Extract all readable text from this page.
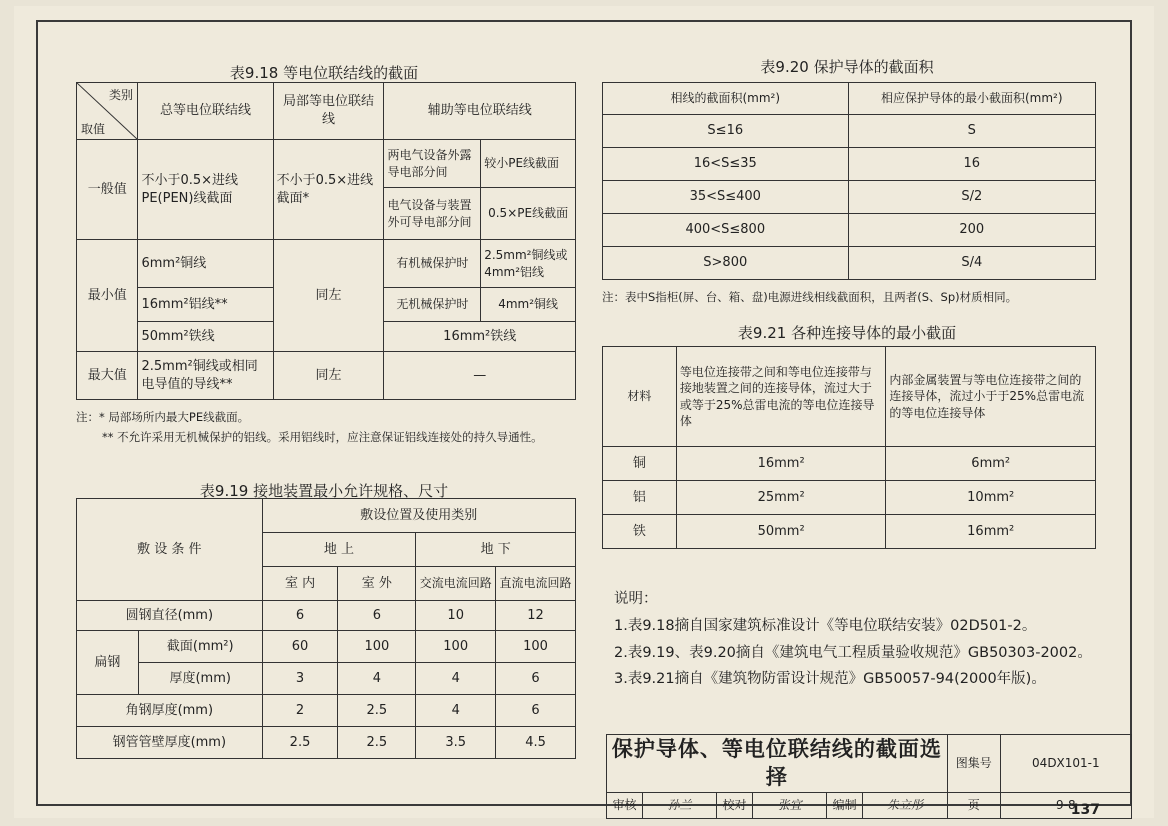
表9.18 等电位联结线的截面
类别
取值	总等电位联结线	局部等电位联结线	辅助等电位联结线	
一般值	不小于0.5×进线PE(PEN)线截面	不小于0.5×进线截面*	两电气设备外露导电部分间	较小PE线截面
			电气设备与装置外可导电部分间	0.5×PE线截面
最小值	6mm²铜线	同左	有机械保护时	2.5mm²铜线或4mm²铝线
	16mm²铝线**		无机械保护时	4mm²铜线
	50mm²铁线		16mm²铁线	
最大值	2.5mm²铜线或相同电导值的导线**	同左	—	
注：* 局部场所内最大PE线截面。
** 不允许采用无机械保护的铝线。采用铝线时，应注意保证铝线连接处的持久导通性。
表9.19 接地装置最小允许规格、尺寸
敷 设 条 件		敷设位置及使用类别			
		地 上		地 下	
		室 内	室 外	交流电流回路	直流电流回路
圆钢直径(mm)		6	6	10	12
扁钢	截面(mm²)	60	100	100	100
	厚度(mm)	3	4	4	6
角钢厚度(mm)		2	2.5	4	6
钢管管壁厚度(mm)		2.5	2.5	3.5	4.5
表9.20 保护导体的截面积
相线的截面积(mm²)	相应保护导体的最小截面积(mm²)
S≤16	S
16<S≤35	16
35<S≤400	S/2
400<S≤800	200
S>800	S/4
注：表中S指柜(屏、台、箱、盘)电源进线相线截面积，且两者(S、Sp)材质相同。
表9.21 各种连接导体的最小截面
材料	等电位连接带之间和等电位连接带与接地装置之间的连接导体，流过大于或等于25%总雷电流的等电位连接导体	内部金属装置与等电位连接带之间的连接导体，流过小于于25%总雷电流的等电位连接导体
铜	16mm²	6mm²
铝	25mm²	10mm²
铁	50mm²	16mm²
说明：
1.表9.18摘自国家建筑标准设计《等电位联结安装》02D501-2。
2.表9.19、表9.20摘自《建筑电气工程质量验收规范》GB50303-2002。
3.表9.21摘自《建筑物防雷设计规范》GB50057-94(2000年版)。
保护导体、等电位联结线的截面选择						图集号	04DX101-1
审核	孙兰	校对	张宜	编制	朱立彤	页	9-8
137
